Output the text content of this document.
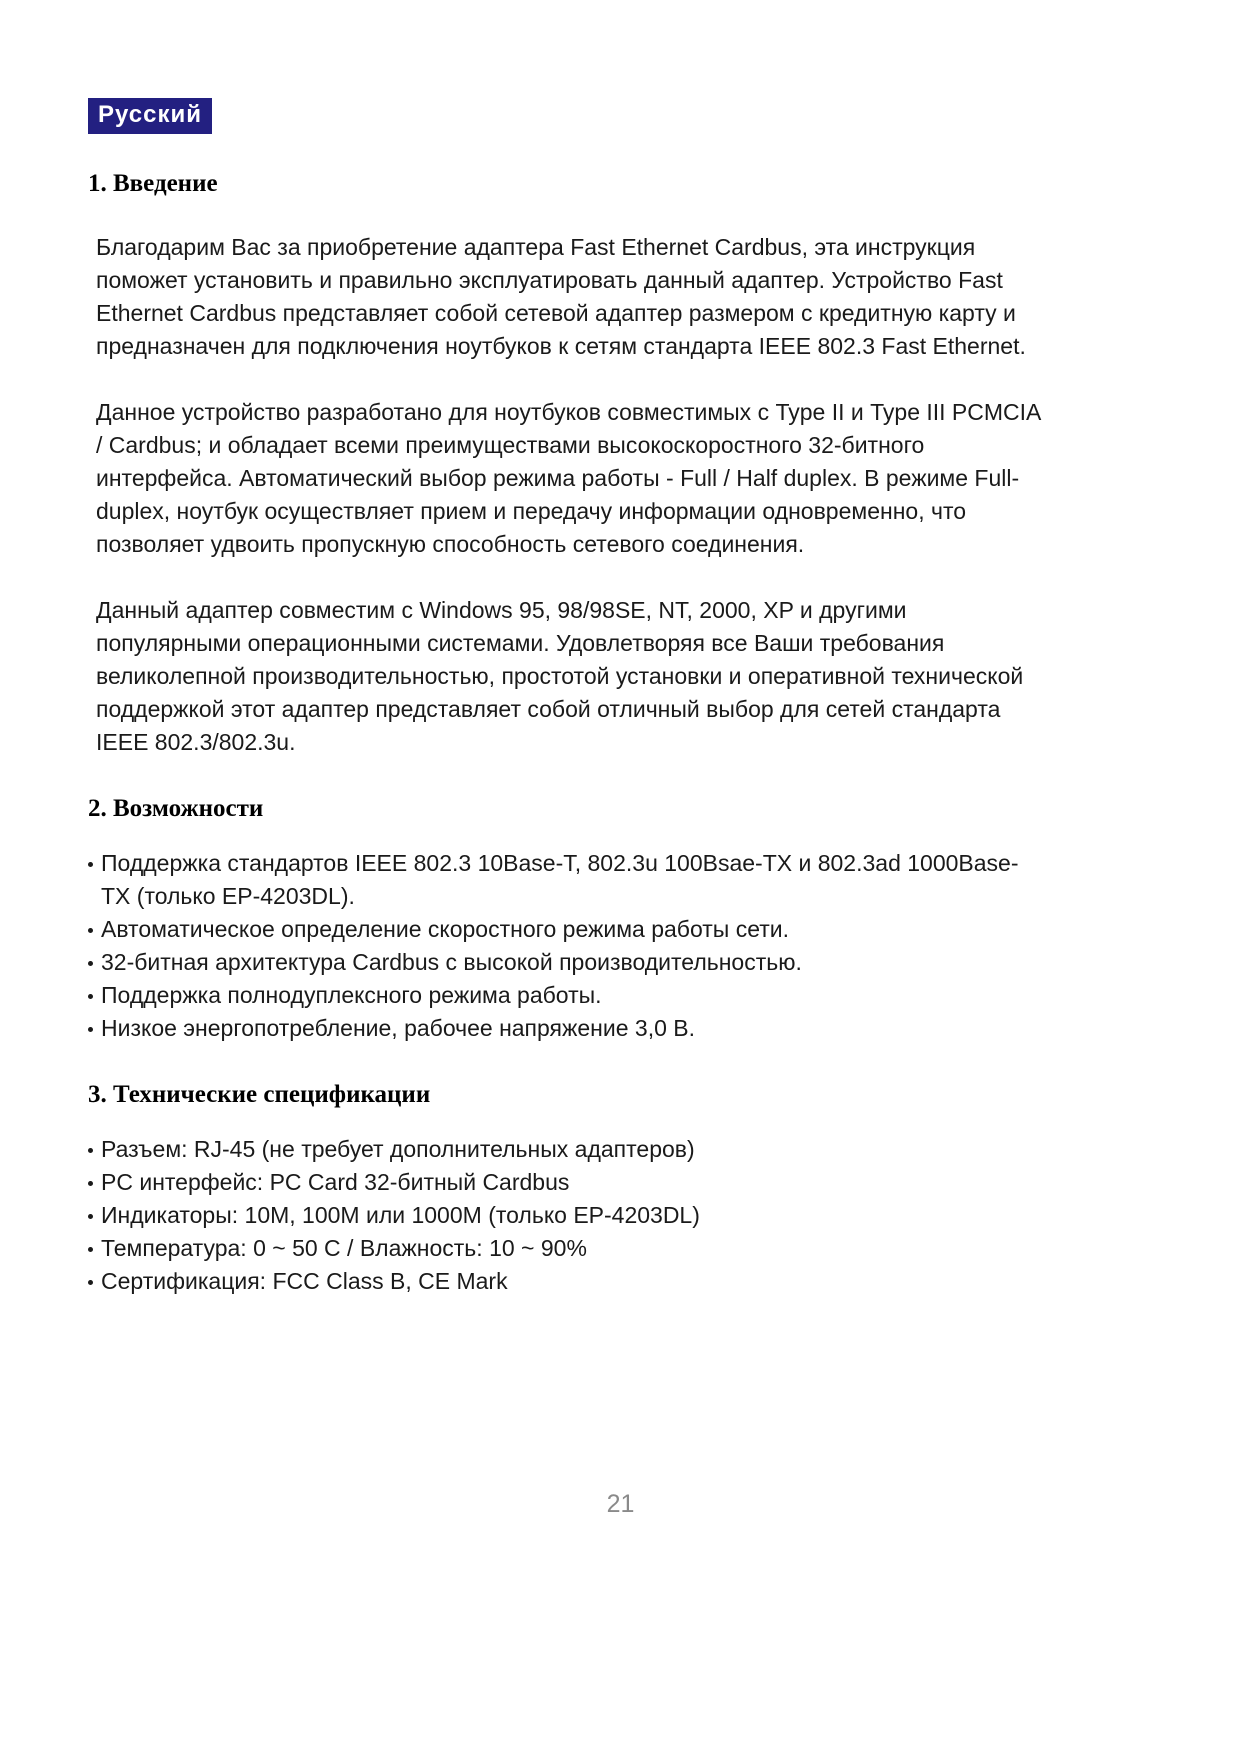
Русский
1. Введение

Благодарим Вас за приобретение адаптера Fast Ethernet Cardbus, эта инструкция поможет установить и правильно эксплуатировать данный адаптер. Устройство Fast Ethernet Cardbus представляет собой сетевой адаптер размером с кредитную карту и предназначен для подключения ноутбуков к сетям стандарта IEEE 802.3 Fast Ethernet.

Данное устройство разработано для ноутбуков совместимых с Type II и Type III PCMCIA / Cardbus; и обладает всеми преимуществами высокоскоростного 32-битного интерфейса. Автоматический выбор режима работы - Full / Half duplex. В режиме Full-duplex, ноутбук осуществляет прием и передачу информации одновременно, что позволяет удвоить пропускную способность сетевого соединения.

Данный адаптер совместим с Windows 95, 98/98SE, NT, 2000, XP и другими популярными операционными системами. Удовлетворяя все Ваши требования великолепной производительностью, простотой установки и оперативной технической поддержкой этот адаптер представляет собой отличный выбор для сетей стандарта IEEE 802.3/802.3u.

2. Возможности
Поддержка стандартов IEEE 802.3 10Base-T, 802.3u 100Bsae-TX и 802.3ad 1000Base-TX (только EP-4203DL).
Автоматическое определение скоростного режима работы сети.
32-битная архитектура Cardbus с высокой производительностью.
Поддержка полнодуплексного режима работы.
Низкое энергопотребление, рабочее напряжение 3,0 В.
3. Технические спецификации
Разъем: RJ-45 (не требует дополнительных адаптеров)
PC интерфейс: PC Card 32-битный Cardbus
Индикаторы: 10M, 100M или 1000M (только EP-4203DL)
Температура: 0 ~ 50 C / Влажность: 10 ~ 90%
Сертификация: FCC Class B, CE Mark
21
